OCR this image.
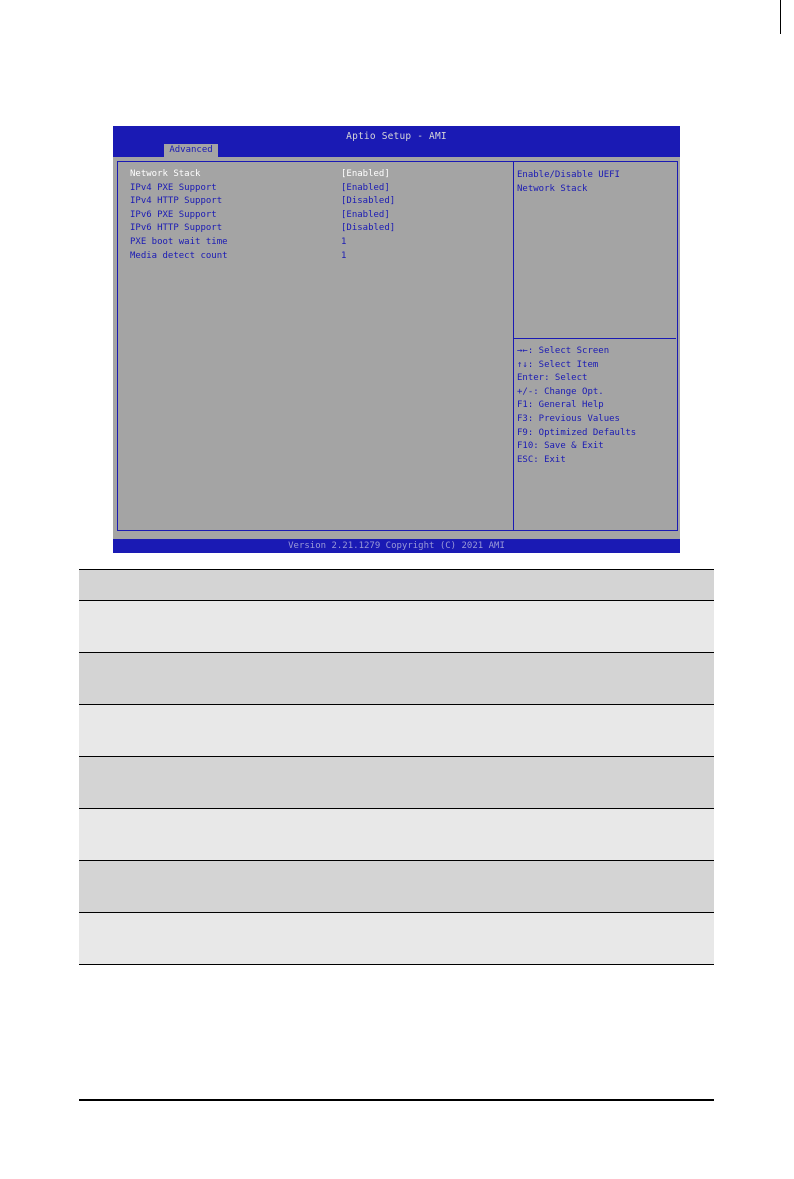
Aptio Setup - AMI
Advanced
Network Stack	[Enabled]
IPv4 PXE Support	[Enabled]
IPv4 HTTP Support	[Disabled]
IPv6 PXE Support	[Enabled]
IPv6 HTTP Support	[Disabled]
PXE boot wait time	1
Media detect count	1
Enable/Disable UEFI
Network Stack
→←: Select Screen
↑↓: Select Item
Enter: Select
+/-: Change Opt.
F1: General Help
F3: Previous Values
F9: Optimized Defaults
F10: Save & Exit
ESC: Exit
Version 2.21.1279 Copyright (C) 2021 AMI
